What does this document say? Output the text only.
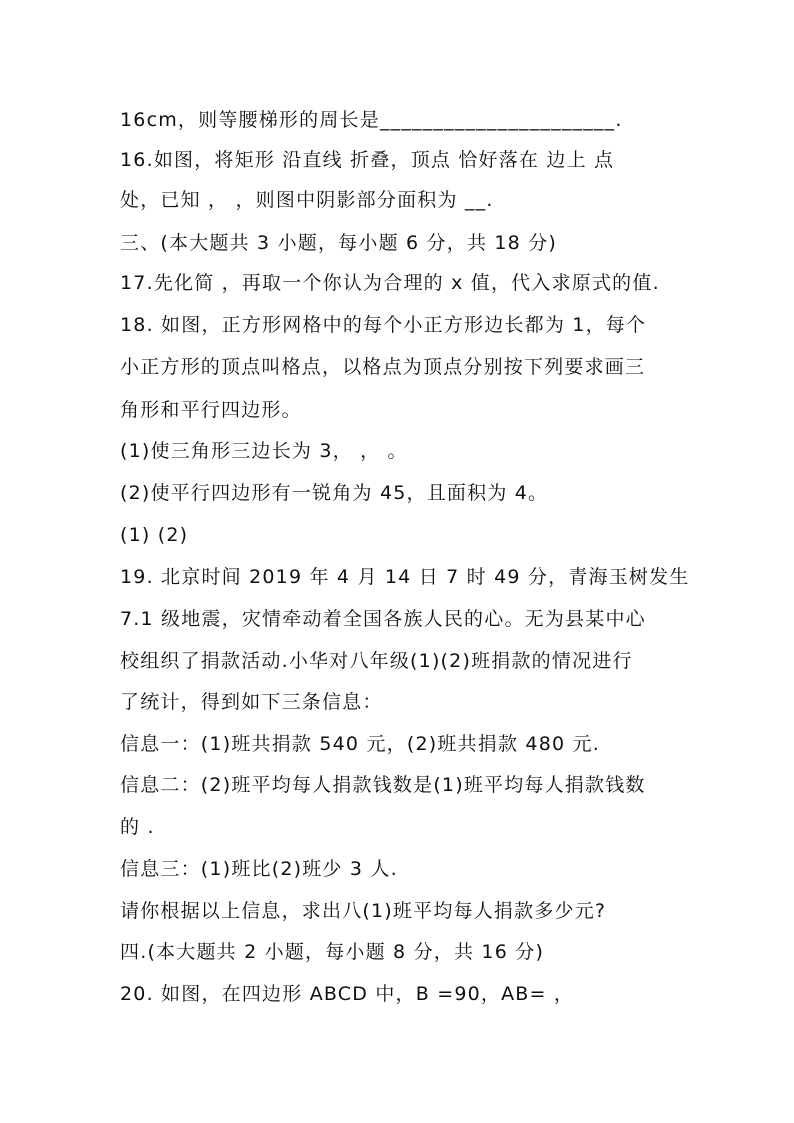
16cm，则等腰梯形的周长是______________________.
16.如图，将矩形 沿直线 折叠，顶点 恰好落在 边上 点
处，已知 ， ，则图中阴影部分面积为 __.
三、(本大题共 3 小题，每小题 6 分，共 18 分)
17.先化简 ，再取一个你认为合理的 x 值，代入求原式的值.
18. 如图，正方形网格中的每个小正方形边长都为 1，每个
小正方形的顶点叫格点，以格点为顶点分别按下列要求画三
角形和平行四边形。
(1)使三角形三边长为 3， ， 。
(2)使平行四边形有一锐角为 45，且面积为 4。
(1) (2)
19. 北京时间 2019 年 4 月 14 日 7 时 49 分，青海玉树发生
7.1 级地震，灾情牵动着全国各族人民的心。无为县某中心
校组织了捐款活动.小华对八年级(1)(2)班捐款的情况进行
了统计，得到如下三条信息：
信息一：(1)班共捐款 540 元，(2)班共捐款 480 元.
信息二：(2)班平均每人捐款钱数是(1)班平均每人捐款钱数
的 .
信息三：(1)班比(2)班少 3 人.
请你根据以上信息，求出八(1)班平均每人捐款多少元?
四.(本大题共 2 小题，每小题 8 分，共 16 分)
20. 如图，在四边形 ABCD 中，B =90，AB= ，
